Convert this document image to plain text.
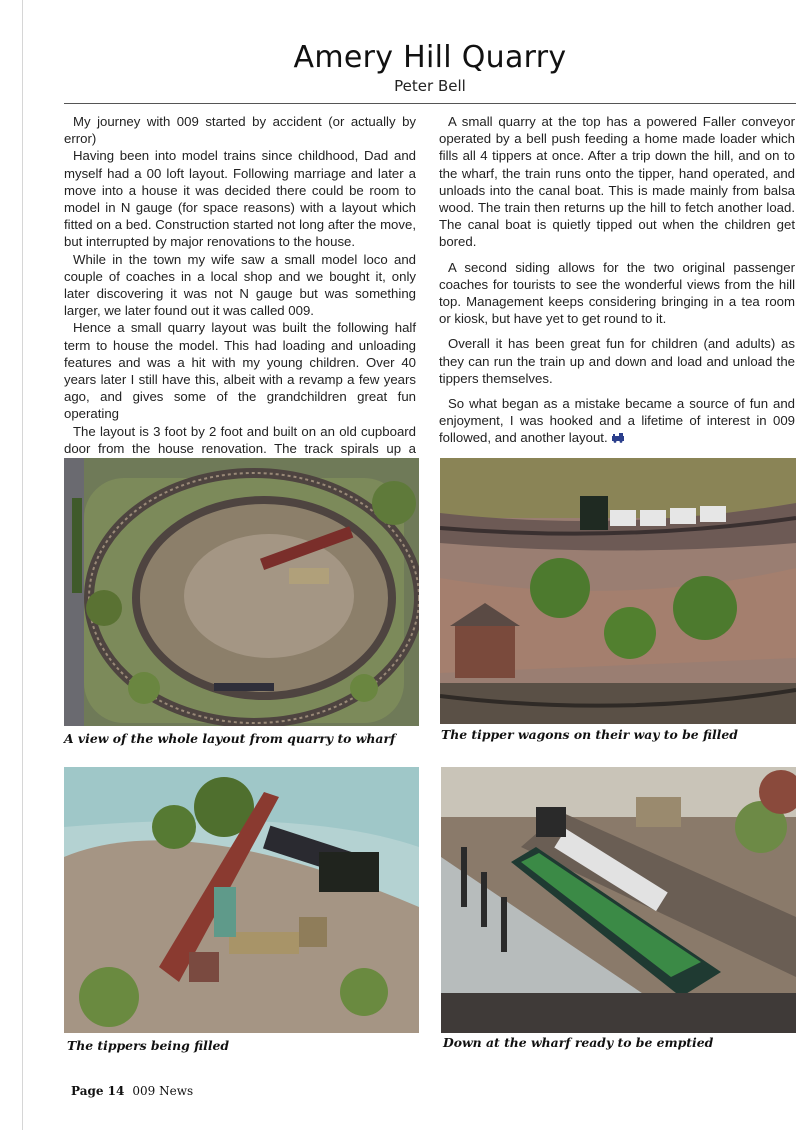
Amery Hill Quarry
Peter Bell

My journey with 009 started by accident (or actually by error)

Having been into model trains since childhood, Dad and myself had a 00 loft layout. Following marriage and later a move into a house it was decided there could be room to model in N gauge (for space reasons) with a layout which fitted on a bed. Construction started not long after the move, but interrupted by major renovations to the house.

While in the town my wife saw a small model loco and couple of coaches in a local shop and we bought it, only later discovering it was not N gauge but was something larger, we later found out it was called 009.

Hence a small quarry layout was built the following half term to house the model. This had loading and unloading features and was a hit with my young children. Over 40 years later I still have this, albeit with a revamp a few years ago, and gives some of the grandchildren great fun operating

The layout is 3 foot by 2 foot and built on an old cupboard door from the house renovation. The track spirals up a

A small quarry at the top has a powered Faller conveyor operated by a bell push feeding a home made loader which fills all 4 tippers at once. After a trip down the hill, and on to the wharf, the train runs onto the tipper, hand operated, and unloads into the canal boat. This is made mainly from balsa wood. The train then returns up the hill to fetch another load. The canal boat is quietly tipped out when the children get bored.

A second siding allows for the two original passenger coaches for tourists to see the wonderful views from the hill top. Management keeps considering bringing in a tea room or kiosk, but have yet to get round to it.

Overall it has been great fun for children (and adults) as they can run the train up and down and load and unload the tippers themselves.

So what began as a mistake became a source of fun and enjoyment, I was hooked and a lifetime of interest in 009 followed, and another layout.

A view of the whole layout from quarry to wharf	The tipper wagons on their way to be filled
The tippers being filled	Down at the wharf ready to be emptied
Page 14 009 News
